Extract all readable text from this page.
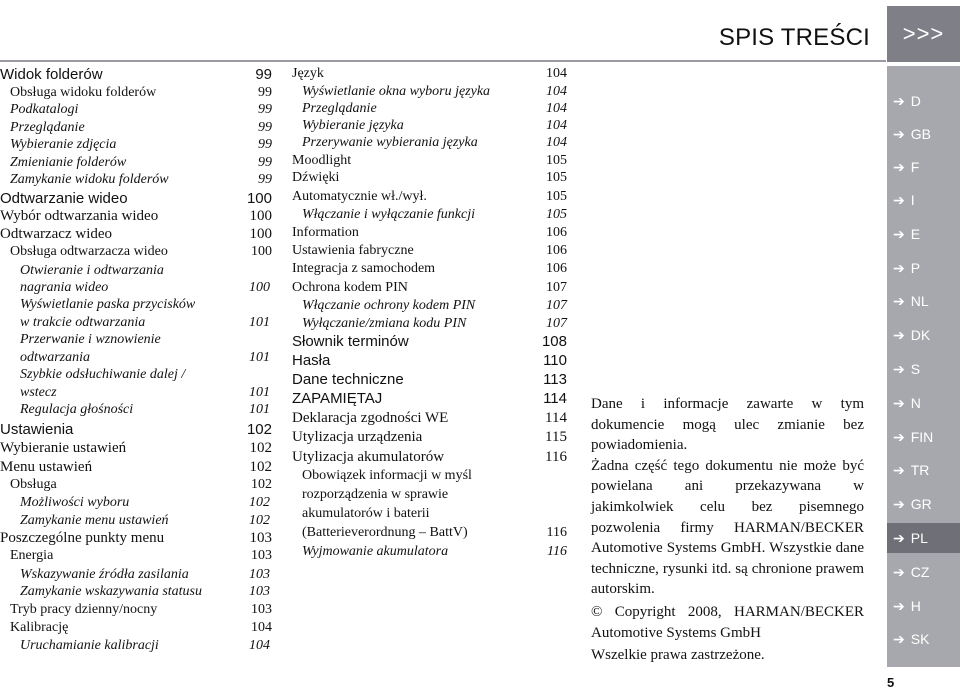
SPIS TREŚCI	>>>
Widok folderów	99
Obsługa widoku folderów	99
Podkatalogi	99
Przeglądanie	99
Wybieranie zdjęcia	99
Zmienianie folderów	99
Zamykanie widoku folderów	99
Odtwarzanie wideo	100
Wybór odtwarzania wideo	100
Odtwarzacz wideo	100
Obsługa odtwarzacza wideo	100
Otwieranie i odtwarzania
nagrania wideo	100
Wyświetlanie paska przycisków
w trakcie odtwarzania	101
Przerwanie i wznowienie
odtwarzania	101
Szybkie odsłuchiwanie dalej /
wstecz	101
Regulacja głośności	101
Ustawienia	102
Wybieranie ustawień	102
Menu ustawień	102
Obsługa	102
Możliwości wyboru	102
Zamykanie menu ustawień	102
Poszczególne punkty menu	103
Energia	103
Wskazywanie źródła zasilania	103
Zamykanie wskazywania statusu	103
Tryb pracy dzienny/nocny	103
Kalibrację	104
Uruchamianie kalibracji	104
Język	104
Wyświetlanie okna wyboru języka	104
Przeglądanie	104
Wybieranie języka	104
Przerywanie wybierania języka	104
Moodlight	105
Dźwięki	105
Automatycznie wł./wył.	105
Włączanie i wyłączanie funkcji	105
Information	106
Ustawienia fabryczne	106
Integracja z samochodem	106
Ochrona kodem PIN	107
Włączanie ochrony kodem PIN	107
Wyłączanie/zmiana kodu PIN	107
Słownik terminów	108
Hasła	110
Dane techniczne	113
ZAPAMIĘTAJ	114
Deklaracja zgodności WE	114
Utylizacja urządzenia	115
Utylizacja akumulatorów	116
Obowiązek informacji w myśl
rozporządzenia w sprawie
akumulatorów i baterii
(Batterieverordnung – BattV)	116
Wyjmowanie akumulatora	116

Dane i informacje zawarte w tym dokumencie mogą ulec zmianie bez powiadomienia.

Żadna część tego dokumentu nie może być powielana ani przekazywana w jakimkolwiek celu bez pisemnego pozwolenia firmy HARMAN/BECKER Automotive Systems GmbH. Wszystkie dane techniczne, rysunki itd. są chronione prawem autorskim.

© Copyright 2008, HARMAN/BECKER Automotive Systems GmbH

Wszelkie prawa zastrzeżone.

➔ D
➔ GB
➔ F
➔ I
➔ E
➔ P
➔ NL
➔ DK
➔ S
➔ N
➔ FIN
➔ TR
➔ GR
➔ PL
➔ CZ
➔ H
➔ SK
5
